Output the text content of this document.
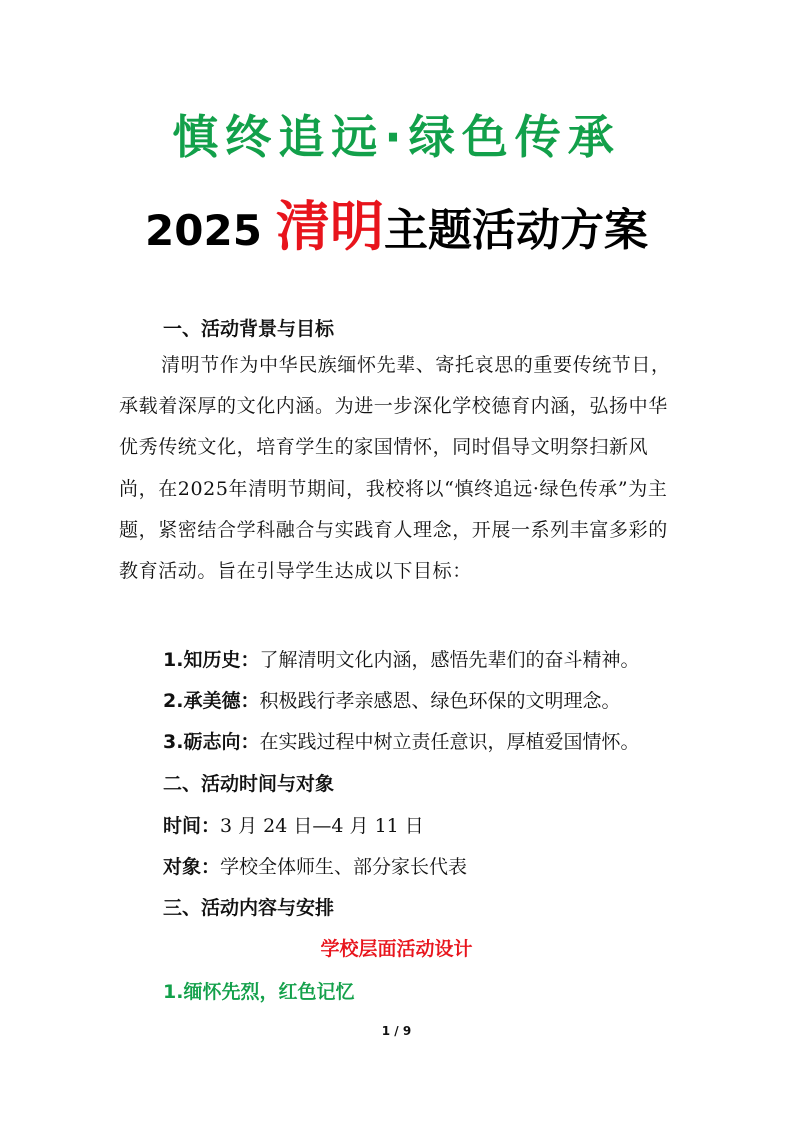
慎终追远·绿色传承
2025 清明主题活动方案
一、活动背景与目标

清明节作为中华民族缅怀先辈、寄托哀思的重要传统节日，承载着深厚的文化内涵。为进一步深化学校德育内涵，弘扬中华优秀传统文化，培育学生的家国情怀，同时倡导文明祭扫新风尚，在2025年清明节期间，我校将以“慎终追远·绿色传承”为主题，紧密结合学科融合与实践育人理念，开展一系列丰富多彩的教育活动。旨在引导学生达成以下目标：

1.知历史：了解清明文化内涵，感悟先辈们的奋斗精神。

2.承美德：积极践行孝亲感恩、绿色环保的文明理念。

3.砺志向：在实践过程中树立责任意识，厚植爱国情怀。

二、活动时间与对象

时间：3 月 24 日—4 月 11 日

对象：学校全体师生、部分家长代表

三、活动内容与安排
学校层面活动设计
1.缅怀先烈，红色记忆
1 / 9
